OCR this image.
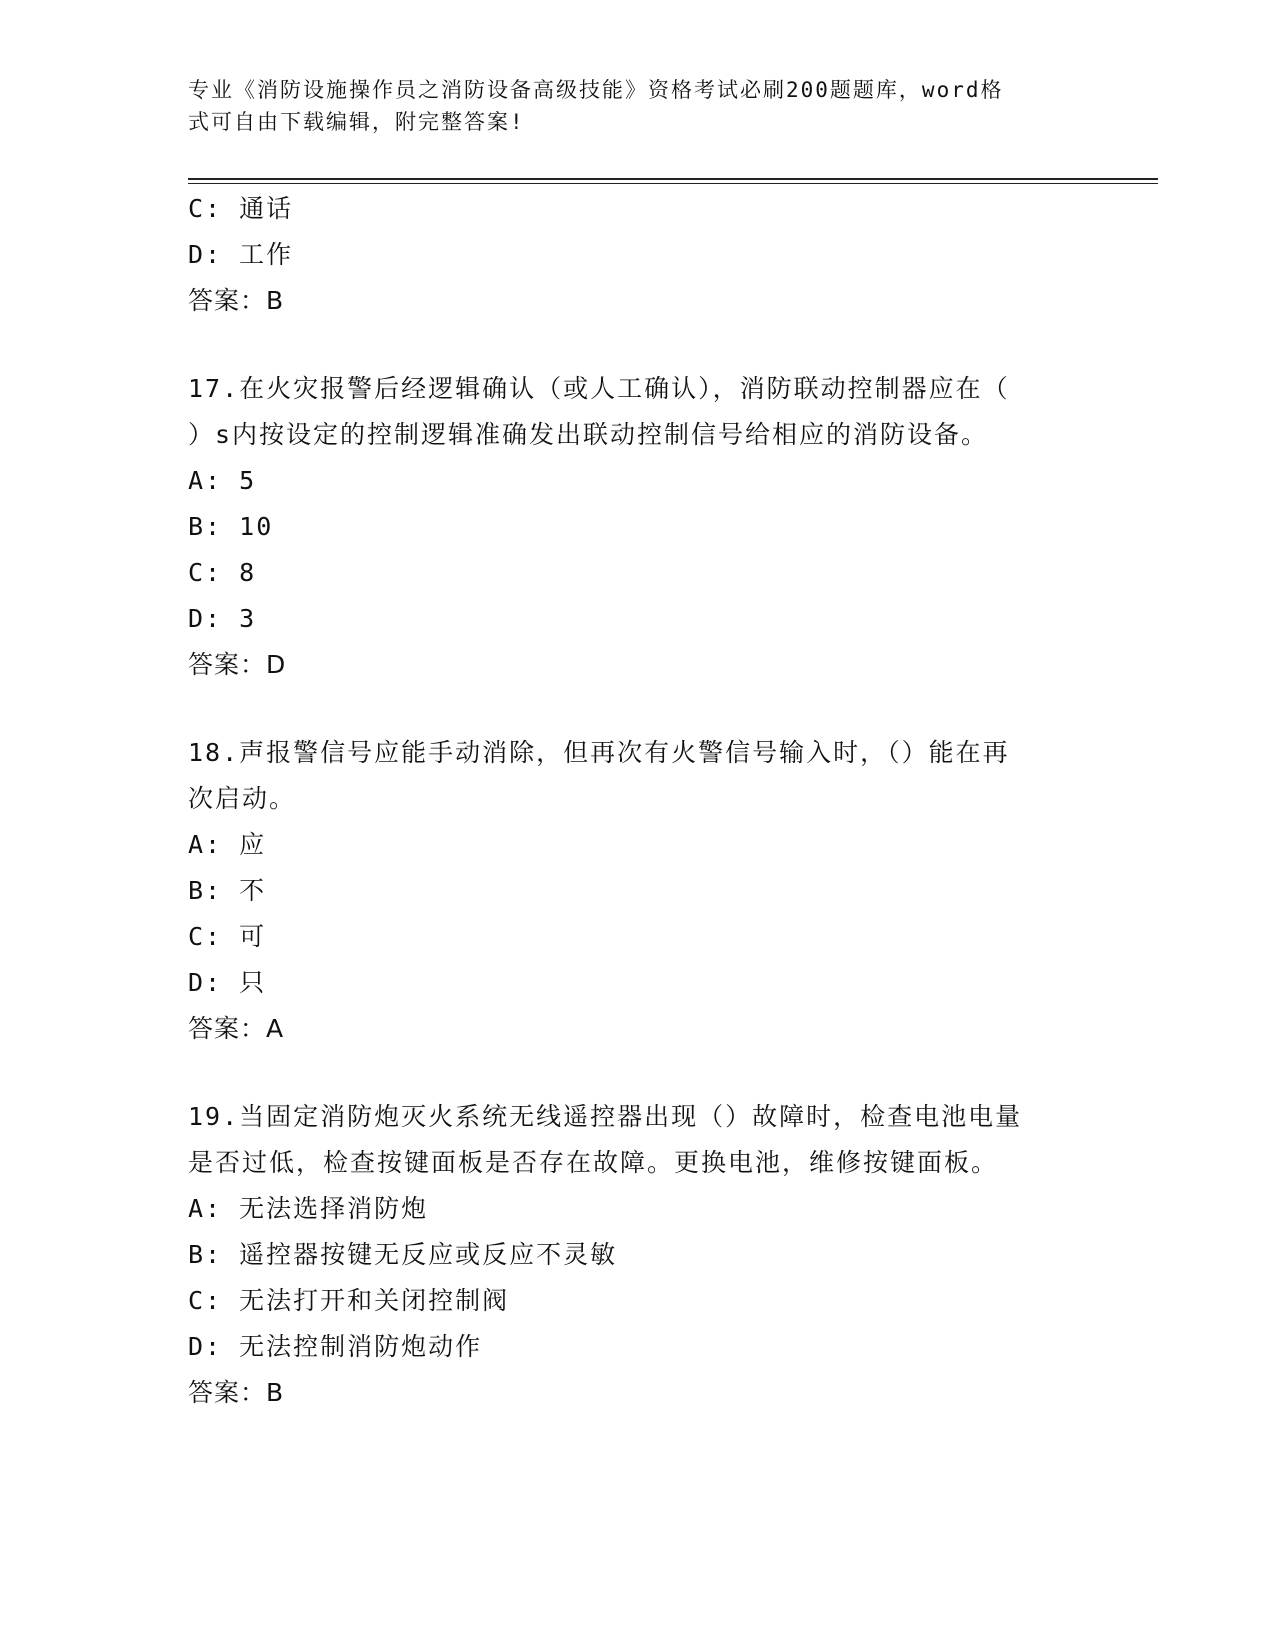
专业《消防设施操作员之消防设备高级技能》资格考试必刷200题题库，word格
式可自由下载编辑，附完整答案!
C: 通话
D: 工作
答案：B
17.在火灾报警后经逻辑确认（或人工确认），消防联动控制器应在（
）s内按设定的控制逻辑准确发出联动控制信号给相应的消防设备。
A: 5
B: 10
C: 8
D: 3
答案：D
18.声报警信号应能手动消除，但再次有火警信号输入时，（）能在再
次启动。
A: 应
B: 不
C: 可
D: 只
答案：A
19.当固定消防炮灭火系统无线遥控器出现（）故障时，检查电池电量
是否过低，检查按键面板是否存在故障。更换电池，维修按键面板。
A: 无法选择消防炮
B: 遥控器按键无反应或反应不灵敏
C: 无法打开和关闭控制阀
D: 无法控制消防炮动作
答案：B
